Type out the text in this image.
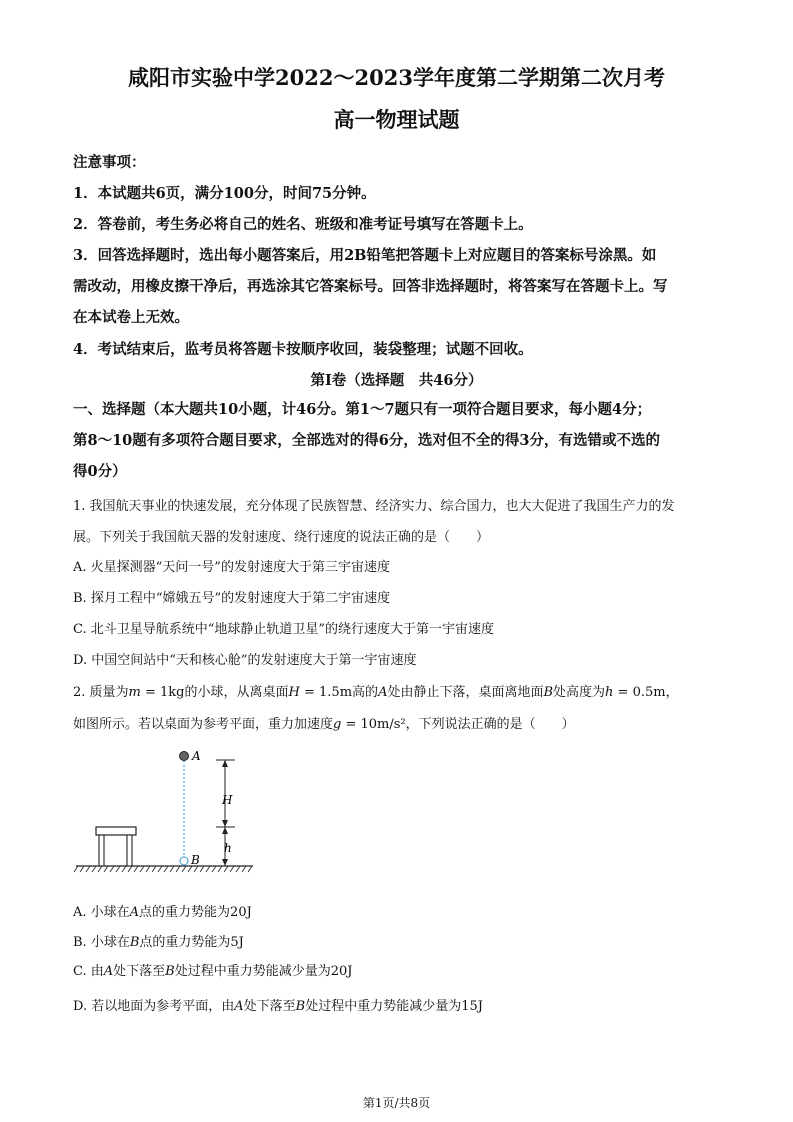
咸阳市实验中学2022～2023学年度第二学期第二次月考
高一物理试题
注意事项：
1．本试题共6页，满分100分，时间75分钟。
2．答卷前，考生务必将自己的姓名、班级和准考证号填写在答题卡上。
3．回答选择题时，选出每小题答案后，用2B铅笔把答题卡上对应题目的答案标号涂黑。如
需改动，用橡皮擦干净后，再选涂其它答案标号。回答非选择题时，将答案写在答题卡上。写
在本试卷上无效。
4．考试结束后，监考员将答题卡按顺序收回，装袋整理；试题不回收。
第Ⅰ卷（选择题　共46分）
一、选择题（本大题共10小题，计46分。第1～7题只有一项符合题目要求，每小题4分；
第8～10题有多项符合题目要求，全部选对的得6分，选对但不全的得3分，有选错或不选的
得0分）
1. 我国航天事业的快速发展，充分体现了民族智慧、经济实力、综合国力，也大大促进了我国生产力的发
展。下列关于我国航天器的发射速度、绕行速度的说法正确的是（　　）
A. 火星探测器“天问一号”的发射速度大于第三宇宙速度
B. 探月工程中“嫦娥五号”的发射速度大于第二宇宙速度
C. 北斗卫星导航系统中“地球静止轨道卫星”的绕行速度大于第一宇宙速度
D. 中国空间站中“天和核心舱”的发射速度大于第一宇宙速度
2. 质量为m = 1kg的小球，从离桌面H = 1.5m高的A处由静止下落，桌面离地面B处高度为h = 0.5m，
如图所示。若以桌面为参考平面，重力加速度g = 10m/s²，下列说法正确的是（　　）
A
B
H
h
A. 小球在A点的重力势能为20J
B. 小球在B点的重力势能为5J
C. 由A处下落至B处过程中重力势能减少量为20J
D. 若以地面为参考平面，由A处下落至B处过程中重力势能减少量为15J
第1页/共8页
